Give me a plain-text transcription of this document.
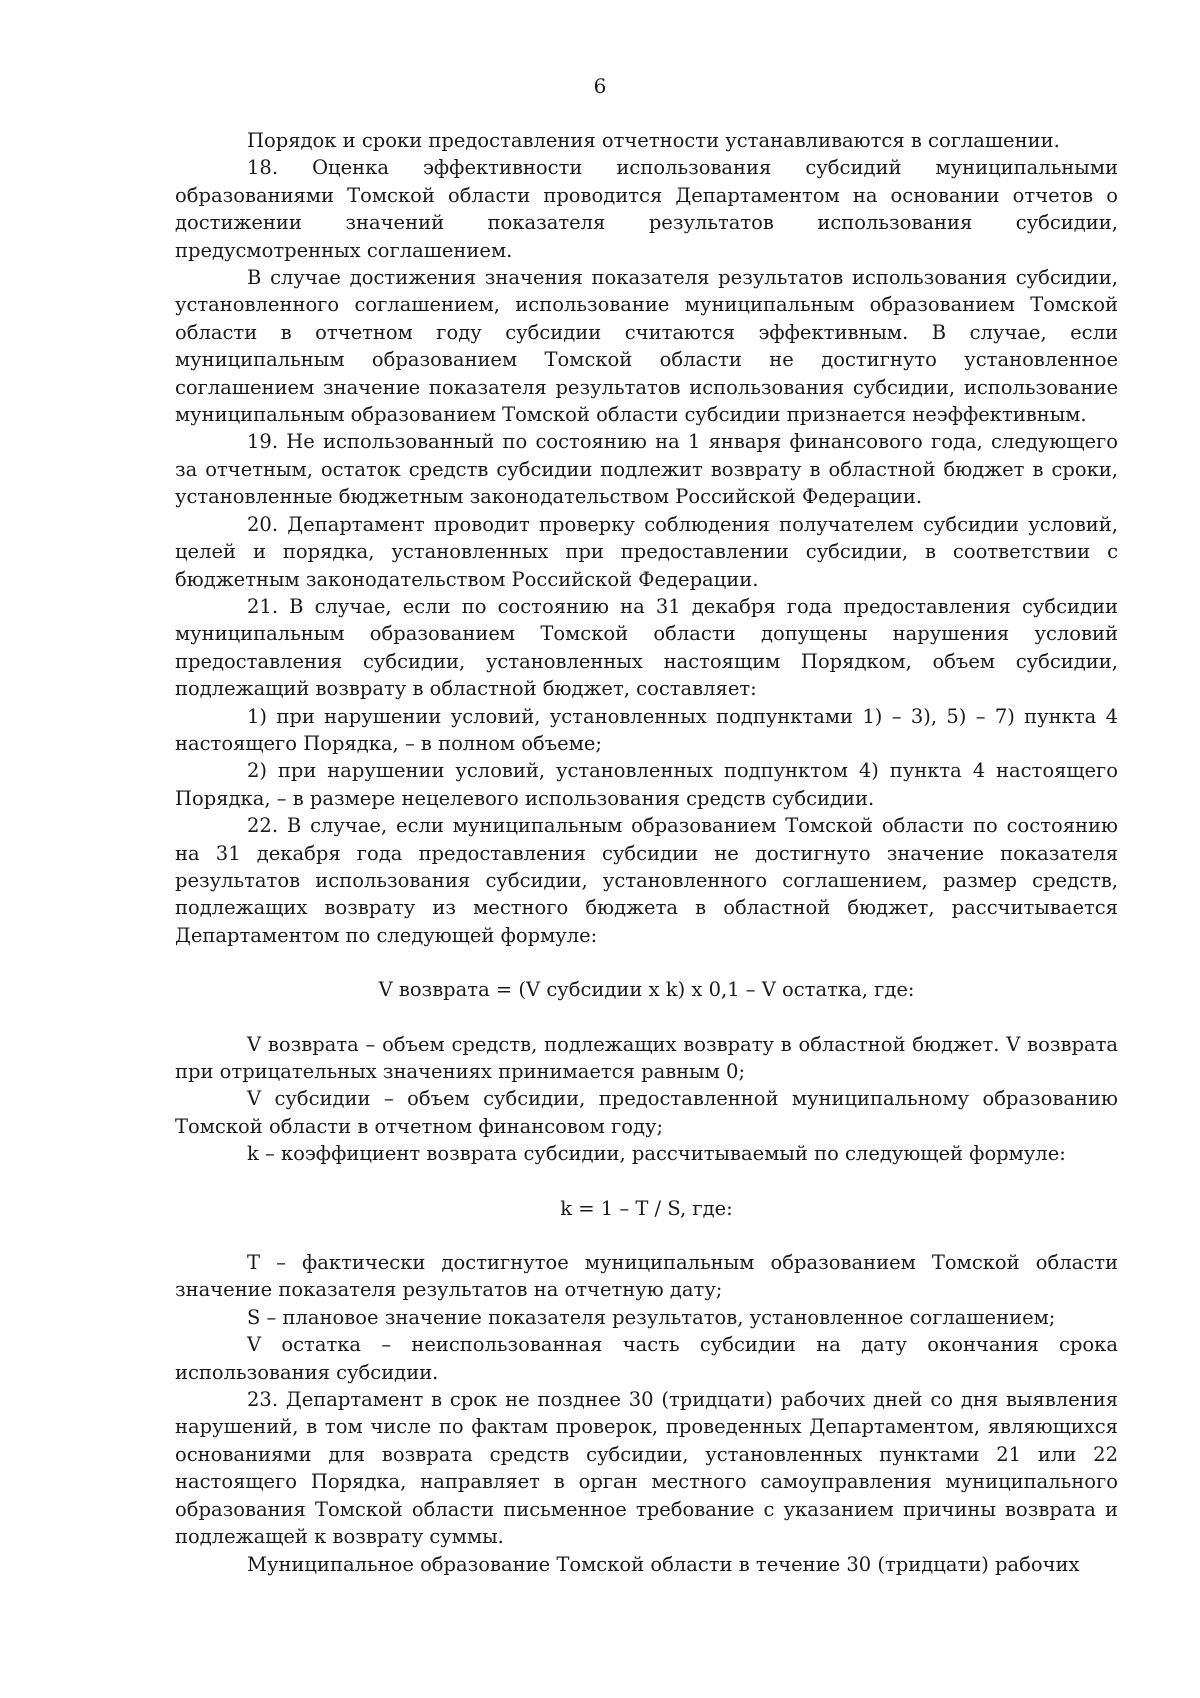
6

Порядок и сроки предоставления отчетности устанавливаются в соглашении.

18. Оценка эффективности использования субсидий муниципальными образованиями Томской области проводится Департаментом на основании отчетов о достижении значений показателя результатов использования субсидии, предусмотренных соглашением.

В случае достижения значения показателя результатов использования субсидии, установленного соглашением, использование муниципальным образованием Томской области в отчетном году субсидии считаются эффективным. В случае, если муниципальным образованием Томской области не достигнуто установленное соглашением значение показателя результатов использования субсидии, использование муниципальным образованием Томской области субсидии признается неэффективным.

19. Не использованный по состоянию на 1 января финансового года, следующего за отчетным, остаток средств субсидии подлежит возврату в областной бюджет в сроки, установленные бюджетным законодательством Российской Федерации.

20. Департамент проводит проверку соблюдения получателем субсидии условий, целей и порядка, установленных при предоставлении субсидии, в соответствии с бюджетным законодательством Российской Федерации.

21. В случае, если по состоянию на 31 декабря года предоставления субсидии муниципальным образованием Томской области допущены нарушения условий предоставления субсидии, установленных настоящим Порядком, объем субсидии, подлежащий возврату в областной бюджет, составляет:

1) при нарушении условий, установленных подпунктами 1) – 3), 5) – 7) пункта 4 настоящего Порядка, – в полном объеме;

2) при нарушении условий, установленных подпунктом 4) пункта 4 настоящего Порядка, – в размере нецелевого использования средств субсидии.

22. В случае, если муниципальным образованием Томской области по состоянию на 31 декабря года предоставления субсидии не достигнуто значение показателя результатов использования субсидии, установленного соглашением, размер средств, подлежащих возврату из местного бюджета в областной бюджет, рассчитывается Департаментом по следующей формуле:

V возврата = (V субсидии x k) x 0,1 – V остатка, где:

V возврата – объем средств, подлежащих возврату в областной бюджет. V возврата при отрицательных значениях принимается равным 0;

V субсидии – объем субсидии, предоставленной муниципальному образованию Томской области в отчетном финансовом году;

k – коэффициент возврата субсидии, рассчитываемый по следующей формуле:

k = 1 – T / S, где:

T – фактически достигнутое муниципальным образованием Томской области значение показателя результатов на отчетную дату;

S – плановое значение показателя результатов, установленное соглашением;

V остатка – неиспользованная часть субсидии на дату окончания срока использования субсидии.

23. Департамент в срок не позднее 30 (тридцати) рабочих дней со дня выявления нарушений, в том числе по фактам проверок, проведенных Департаментом, являющихся основаниями для возврата средств субсидии, установленных пунктами 21 или 22 настоящего Порядка, направляет в орган местного самоуправления муниципального образования Томской области письменное требование с указанием причины возврата и подлежащей к возврату суммы.

Муниципальное образование Томской области в течение 30 (тридцати) рабочих
